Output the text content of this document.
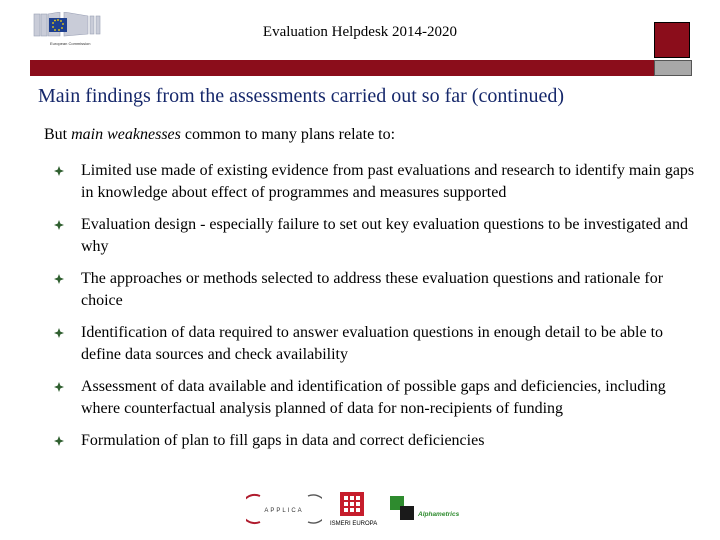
European Commission
Evaluation Helpdesk 2014-2020
Main findings from the assessments carried out so far (continued)
But main weaknesses common to many plans relate to:
Limited use made of existing evidence from past evaluations and research to identify main gaps in knowledge about effect of programmes and measures supported
Evaluation design - especially failure to set out key evaluation questions to be investigated and why
The approaches or methods selected to address these evaluation questions and rationale for choice
Identification of data required to answer evaluation questions in enough detail to be able to define data sources and check availability
Assessment of data available and identification of possible gaps and deficiencies, including where counterfactual analysis planned of data for non-recipients of funding
Formulation of plan to fill gaps in data and correct deficiencies
APPLICA
ISMERI EUROPA
Alphametrics
